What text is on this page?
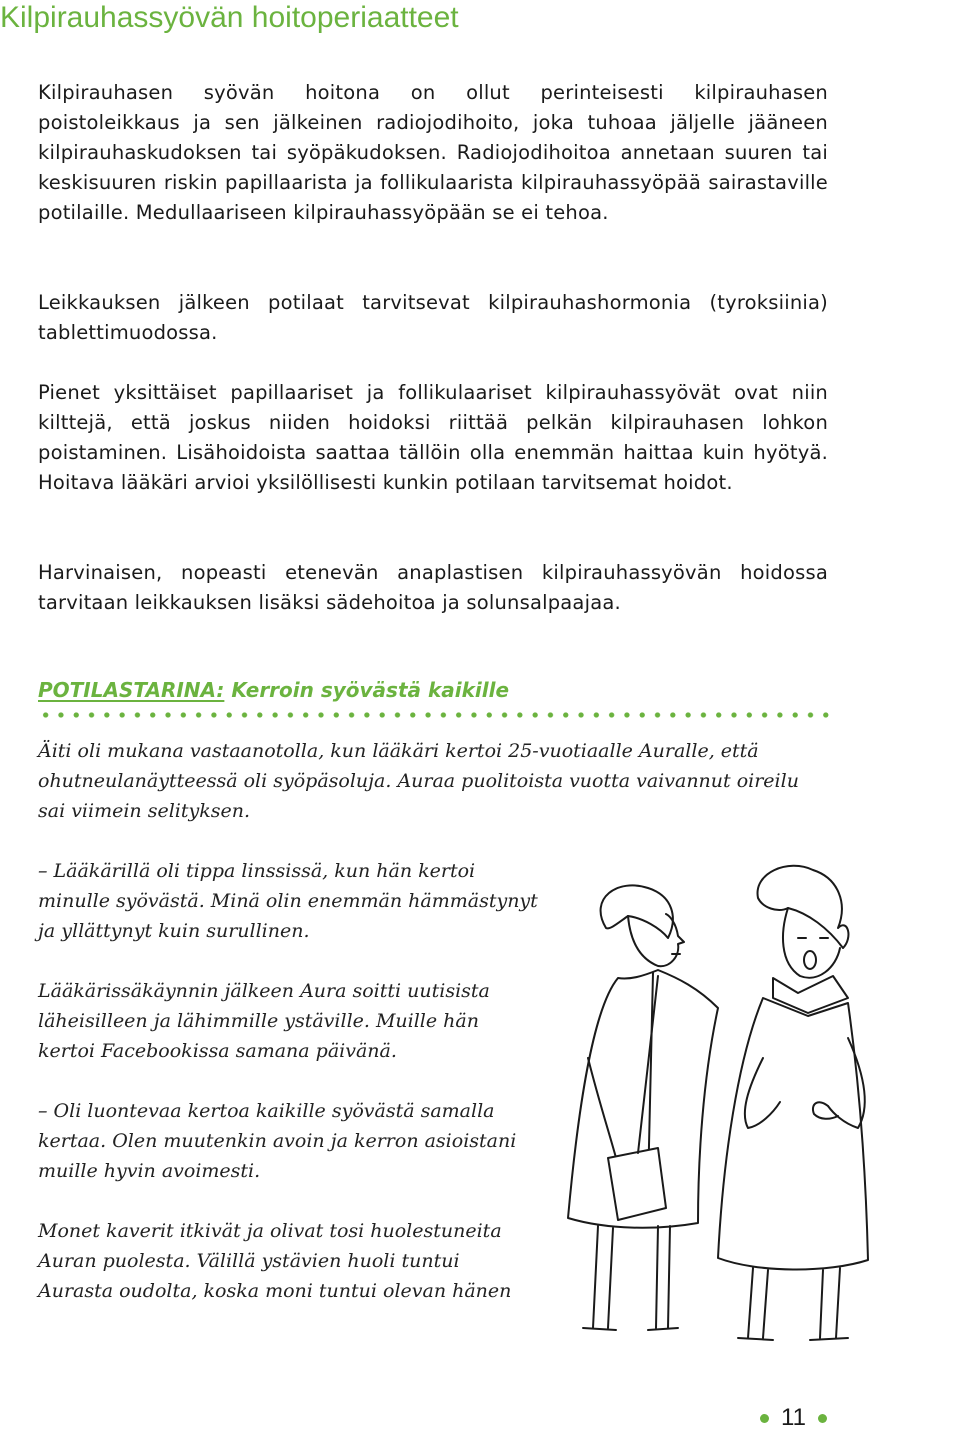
Kilpirauhassyövän hoitoperiaatteet

Kilpirauhasen syövän hoitona on ollut perinteisesti kilpirauhasen poistoleikkaus ja sen jälkeinen radiojodihoito, joka tuhoaa jäljelle jääneen kilpirauhaskudoksen tai syöpäkudoksen. Radiojodihoitoa annetaan suuren tai keskisuuren riskin papillaarista ja follikulaarista kilpirauhassyöpää sairastaville potilaille. Medullaariseen kilpirauhassyöpään se ei tehoa.

Leikkauksen jälkeen potilaat tarvitsevat kilpirauhashormonia (tyroksiinia) tablettimuodossa.

Pienet yksittäiset papillaariset ja follikulaariset kilpirauhassyövät ovat niin kilttejä, että joskus niiden hoidoksi riittää pelkän kilpirauhasen lohkon poistaminen. Lisähoidoista saattaa tällöin olla enemmän haittaa kuin hyötyä. Hoitava lääkäri arvioi yksilöllisesti kunkin potilaan tarvitsemat hoidot.

Harvinaisen, nopeasti etenevän anaplastisen kilpirauhassyövän hoidossa tarvitaan leikkauksen lisäksi sädehoitoa ja solunsalpaajaa.

POTILASTARINA: Kerroin syövästä kaikille

Äiti oli mukana vastaanotolla, kun lääkäri kertoi 25-vuotiaalle Auralle, että ohutneulanäytteessä oli syöpäsoluja. Auraa puolitoista vuotta vaivannut oireilu sai viimein selityksen.

– Lääkärillä oli tippa linssissä, kun hän kertoi minulle syövästä. Minä olin enemmän hämmästynyt ja yllättynyt kuin surullinen.

Lääkärissäkäynnin jälkeen Aura soitti uutisista läheisilleen ja lähimmille ystäville. Muille hän kertoi Facebookissa samana päivänä.

– Oli luontevaa kertoa kaikille syövästä samalla kertaa. Olen muutenkin avoin ja kerron asioistani muille hyvin avoimesti.

Monet kaverit itkivät ja olivat tosi huolestuneita Auran puolesta. Välillä ystävien huoli tuntui Aurasta oudolta, koska moni tuntui olevan hänen

11
